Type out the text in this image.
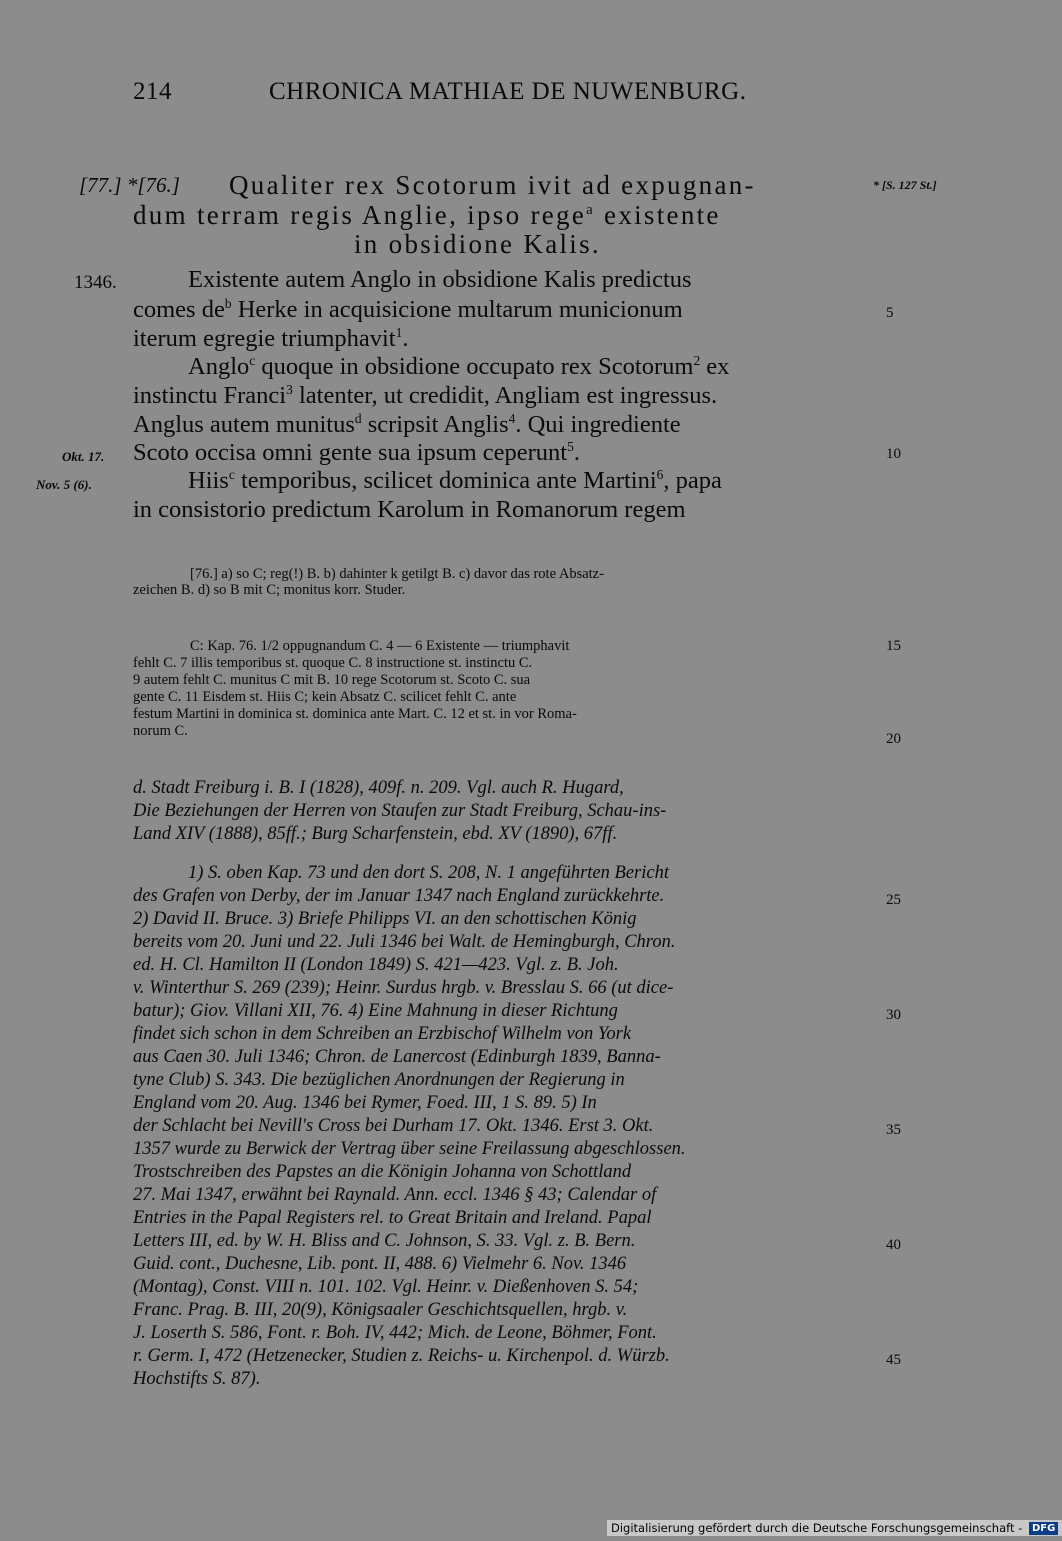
214	CHRONICA MATHIAE DE NUWENBURG.
[77.] *[76.] Qualiter rex Scotorum ivit ad expugnan-	* [S. 127 St.]
dum terram regis Anglie, ipso rege$^a$ existente
in obsidione Kalis.
1346.	Existente autem Anglo in obsidione Kalis predictus
comes $de^b$ Herke in acquisicione multarum municionum	5
iterum egregie triumphavit$^1$.
Anglo$^c$ quoque in obsidione occupato rex Scotorum$^2$ ex
instinctu Franci$^3$ latenter, ut credidit, Angliam est ingressus.
Anglus autem munitus$^d$ scripsit Anglis$^4$. Qui ingrediente
Okt. 17. Scoto occisa omni gente sua ipsum ceperunt$^5$.	10
Nov. 5 (6).	Hiis$^c$ temporibus, scilicet dominica ante Martini$^6$, papa
in consistorio predictum Karolum in Romanorum regem
[76.] a) so C; reg(!) B. b) dahinter k getilgt B. c) davor das rote Absatz-
zeichen B. d) so B mit C; monitus korr. Studer.
C: Kap. 76. 1/2 oppugnandum C. 4 — 6 Existente — triumphavit	15
fehlt C. 7 illis temporibus st. quoque C. 8 instructione st. instinctu C.
9 autem fehlt C. munitus C mit B. 10 rege Scotorum st. Scoto C. sua
gente C. 11 Eisdem st. Hiis C; kein Absatz C. scilicet fehlt C. ante
festum Martini in dominica st. dominica ante Mart. C. 12 et st. in vor Roma-
norum C.	20
d. Stadt Freiburg i. B. I (1828), 409f. n. 209. Vgl. auch R. Hugard,
Die Beziehungen der Herren von Staufen zur Stadt Freiburg, Schau-ins-
Land XIV (1888), 85ff.; Burg Scharfenstein, ebd. XV (1890), 67ff.
1) S. oben Kap. 73 und den dort S. 208, N. 1 angeführten Bericht
des Grafen von Derby, der im Januar 1347 nach England zurückkehrte.	25
2) David II. Bruce. 3) Briefe Philipps VI. an den schottischen König
bereits vom 20. Juni und 22. Juli 1346 bei Walt. de Hemingburgh, Chron.
ed. H. Cl. Hamilton II (London 1849) S. 421—423. Vgl. z. B. Joh.
v. Winterthur S. 269 (239); Heinr. Surdus hrgb. v. Bresslau S. 66 (ut dice-
batur); Giov. Villani XII, 76. 4) Eine Mahnung in dieser Richtung	30
findet sich schon in dem Schreiben an Erzbischof Wilhelm von York
aus Caen 30. Juli 1346; Chron. de Lanercost (Edinburgh 1839, Banna-
tyne Club) S. 343. Die bezüglichen Anordnungen der Regierung in
England vom 20. Aug. 1346 bei Rymer, Foed. III, 1 S. 89. 5) In
der Schlacht bei Nevill's Cross bei Durham 17. Okt. 1346. Erst 3. Okt.	35
1357 wurde zu Berwick der Vertrag über seine Freilassung abgeschlossen.
Trostschreiben des Papstes an die Königin Johanna von Schottland
27. Mai 1347, erwähnt bei Raynald. Ann. eccl. 1346 § 43; Calendar of
Entries in the Papal Registers rel. to Great Britain and Ireland. Papal
Letters III, ed. by W. H. Bliss and C. Johnson, S. 33. Vgl. z. B. Bern.	40
Guid. cont., Duchesne, Lib. pont. II, 488. 6) Vielmehr 6. Nov. 1346
(Montag), Const. VIII n. 101. 102. Vgl. Heinr. v. Dießenhoven S. 54;
Franc. Prag. B. III, 20(9), Königsaaler Geschichtsquellen, hrgb. v.
J. Loserth S. 586, Font. r. Boh. IV, 442; Mich. de Leone, Böhmer, Font.
r. Germ. I, 472 (Hetzenecker, Studien z. Reichs- u. Kirchenpol. d. Würzb.	45
Hochstifts S. 87).
Digitalisierung gefördert durch die Deutsche Forschungsgemeinschaft - DFG
